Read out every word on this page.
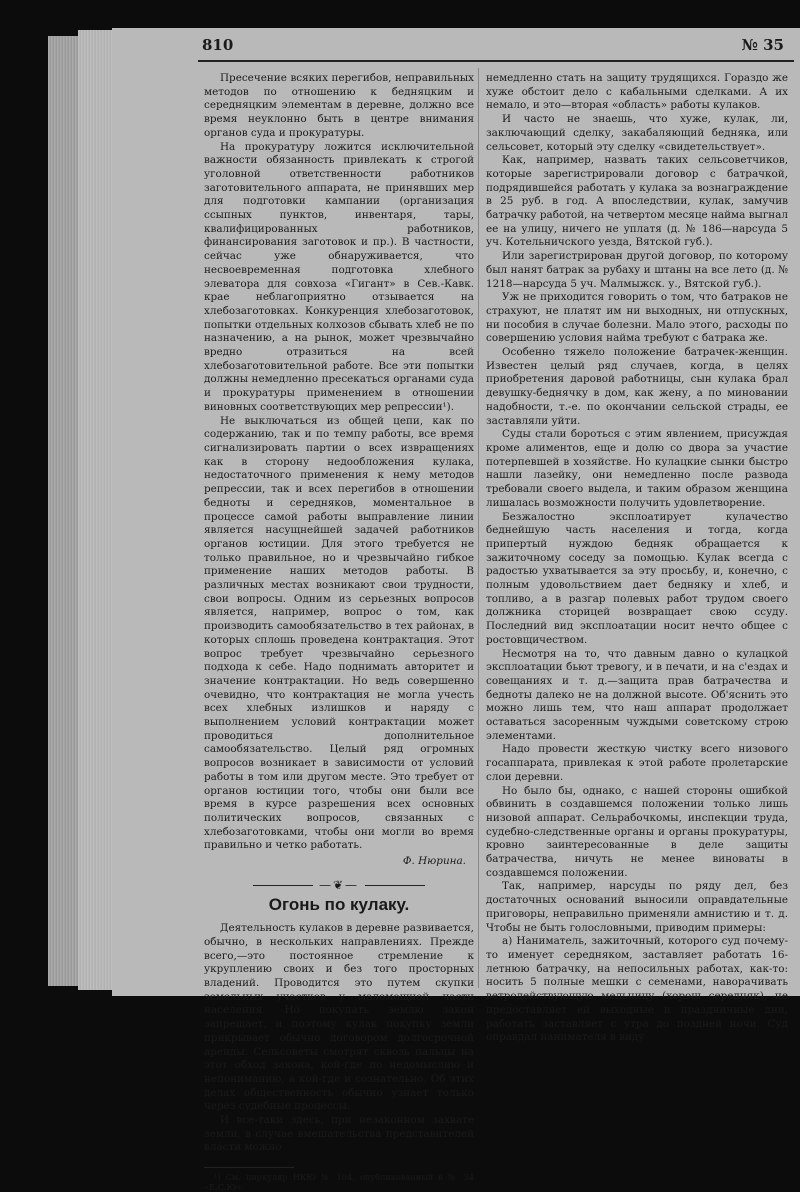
810	№ 35

Пресечение всяких перегибов, неправильных методов по отношению к бедняцким и середняцким элементам в деревне, должно все время неуклонно быть в центре внимания органов суда и прокуратуры.

На прокуратуру ложится исключительной важности обязанность привлекать к строгой уголовной ответственности работников заготовительного аппарата, не принявших мер для подготовки кампании (организация ссыпных пунктов, инвентаря, тары, квалифицированных работников, финансирования заготовок и пр.). В частности, сейчас уже обнаруживается, что несвоевременная подготовка хлебного элеватора для совхоза «Гигант» в Сев.-Кавк. крае неблагоприятно отзывается на хлебозаготовках. Конкуренция хлебозаготовок, попытки отдельных колхозов сбывать хлеб не по назначению, а на рынок, может чрезвычайно вредно отразиться на всей хлебозаготовительной работе. Все эти попытки должны немедленно пресекаться органами суда и прокуратуры применением в отношении виновных соответствующих мер репрессии¹).

Не выключаться из общей цепи, как по содержанию, так и по темпу работы, все время сигнализировать партии о всех извращениях как в сторону недообложения кулака, недостаточного применения к нему методов репрессии, так и всех перегибов в отношении бедноты и середняков, моментальное в процессе самой работы выправление линии является насущнейшей задачей работников органов юстиции. Для этого требуется не только правильное, но и чрезвычайно гибкое применение наших методов работы. В различных местах возникают свои трудности, свои вопросы. Одним из серьезных вопросов является, например, вопрос о том, как производить самообязательство в тех районах, в которых сплошь проведена контрактация. Этот вопрос требует чрезвычайно серьезного подхода к себе. Надо поднимать авторитет и значение контрактации. Но ведь совершенно очевидно, что контрактация не могла учесть всех хлебных излишков и наряду с выполнением условий контрактации может проводиться дополнительное самообязательство. Целый ряд огромных вопросов возникает в зависимости от условий работы в том или другом месте. Это требует от органов юстиции того, чтобы они были все время в курсе разрешения всех основных политических вопросов, связанных с хлебозаготовками, чтобы они могли во время правильно и четко работать.

Ф. Нюрина.
—❦—
Огонь по кулаку.

Деятельность кулаков в деревне развивается, обычно, в нескольких направлениях. Прежде всего,—это постоянное стремление к укруплению своих и без того просторных владений. Проводится это путем скупки земельных участков у маломощной части населения. Но покупать землю закон запрещает, и поэтому кулак покупку земли прикрывает обычно договором долгосрочной аренды. Сельсоветы смотрят сквозь пальцы на этот обход закона, кой-где по недомыслию и непониманию, а кой-где и сознательно. Об этих делах общественность обычно узнает только через судебные процессы.

И все-таки здесь, при незаконном захвате земли, в случае вмешательства представителей власти можно

¹) См. циркуляр НКЮ № 104, опубликованный в № 34 «Е.С.Ю».

немедленно стать на защиту трудящихся. Гораздо же хуже обстоит дело с кабальными сделками. А их немало, и это—вторая «область» работы кулаков.

И часто не знаешь, что хуже, кулак, ли, заключающий сделку, закабаляющий бедняка, или сельсовет, который эту сделку «свидетельствует».

Как, например, назвать таких сельсоветчиков, которые зарегистрировали договор с батрачкой, подрядившейся работать у кулака за вознаграждение в 25 руб. в год. А впоследствии, кулак, замучив батрачку работой, на четвертом месяце найма выгнал ее на улицу, ничего не уплатя (д. № 186—нарсуда 5 уч. Котельничского уезда, Вятской губ.).

Или зарегистрирован другой договор, по которому был нанят батрак за рубаху и штаны на все лето (д. № 1218—нарсуда 5 уч. Малмыжск. у., Вятской губ.).

Уж не приходится говорить о том, что батраков не страхуют, не платят им ни выходных, ни отпускных, ни пособия в случае болезни. Мало этого, расходы по совершению условия найма требуют с батрака же.

Особенно тяжело положение батрачек-женщин. Известен целый ряд случаев, когда, в целях приобретения даровой работницы, сын кулака брал девушку-беднячку в дом, как жену, а по миновании надобности, т.-е. по окончании сельской страды, ее заставляли уйти.

Суды стали бороться с этим явлением, присуждая кроме алиментов, еще и долю со двора за участие потерпевшей в хозяйстве. Но кулацкие сынки быстро нашли лазейку, они немедленно после развода требовали своего выдела, и таким образом женщина лишалась возможности получить удовлетворение.

Безжалостно эксплоатирует кулачество беднейшую часть населения и тогда, когда припертый нуждою бедняк обращается к зажиточному соседу за помощью. Кулак всегда с радостью ухватывается за эту просьбу, и, конечно, с полным удовольствием дает бедняку и хлеб, и топливо, а в разгар полевых работ трудом своего должника сторицей возвращает свою ссуду. Последний вид эксплоатации носит нечто общее с ростовщичеством.

Несмотря на то, что давным давно о кулацкой эксплоатации бьют тревогу, и в печати, и на с'ездах и совещаниях и т. д.—защита прав батрачества и бедноты далеко не на должной высоте. Об'яснить это можно лишь тем, что наш аппарат продолжает оставаться засоренным чуждыми советскому строю элементами.

Надо провести жесткую чистку всего низового госаппарата, привлекая к этой работе пролетарские слои деревни.

Но было бы, однако, с нашей стороны ошибкой обвинить в создавшемся положении только лишь низовой аппарат. Сельрабочкомы, инспекции труда, судебно-следственные органы и органы прокуратуры, кровно заинтересованные в деле защиты батрачества, ничуть не менее виноваты в создавшемся положении.

Так, например, нарсуды по ряду дел, без достаточных оснований выносили оправдательные приговоры, неправильно применяли амнистию и т. д. Чтобы не быть голословными, приводим примеры:

а) Наниматель, зажиточный, которого суд почему-то именует середняком, заставляет работать 16-летнюю батрачку, на непосильных работах, как-то: носить 5 полные мешки с семенами, наворачивать ветродействующую мельницу (хорош середняк), не предоставляет ей выходные и праздничные дни, работать заставляет с утра до поздней ночи. Суд оправдал нанимателя в виду
